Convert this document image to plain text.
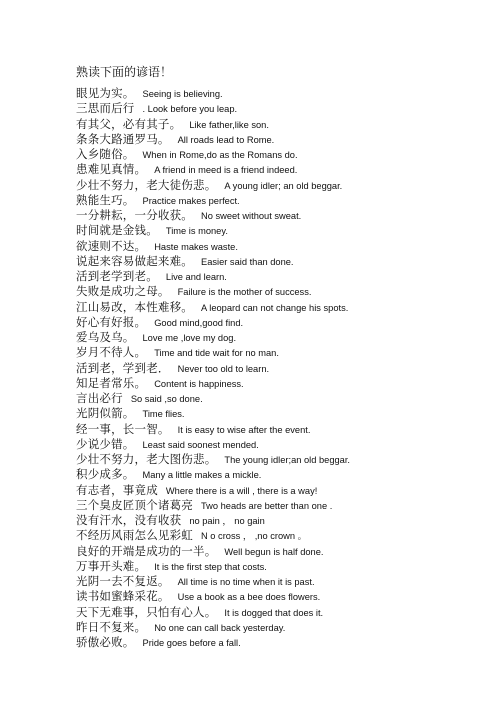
熟读下面的谚语！
眼见为实。 Seeing is believing.
三思而后行 . Look before you leap.
有其父，必有其子。 Like father,like son.
条条大路通罗马。 All roads lead to Rome.
入乡随俗。 When in Rome,do as the Romans do.
患难见真情。 A friend in meed is a friend indeed.
少壮不努力，老大徒伤悲。 A young idler; an old beggar.
熟能生巧。 Practice makes perfect.
一分耕耘，一分收获。 No sweet without sweat.
时间就是金钱。 Time is money.
欲速则不达。 Haste makes waste.
说起来容易做起来难。 Easier said than done.
活到老学到老。 Live and learn.
失败是成功之母。 Failure is the mother of success.
江山易改，本性难移。 A leopard can not change his spots.
好心有好报。 Good mind,good find.
爱乌及乌。 Love me ,love my dog.
岁月不待人。 Time and tide wait for no man.
活到老，学到老． Never too old to learn.
知足者常乐。 Content is happiness.
言出必行 So said ,so done.
光阴似箭。 Time flies.
经一事，长一智。 It is easy to wise after the event.
少说少错。 Least said soonest mended.
少壮不努力，老大图伤悲。 The young idler;an old beggar.
积少成多。 Many a little makes a mickle.
有志者，事竟成 Where there is a will , there is a way!
三个臭皮匠顶个诸葛亮 Two heads are better than one .
没有汗水，没有收获 no pain ， no gain
不经历风雨怎么见彩虹 N o cross ， ,no crown 。
良好的开端是成功的一半。 Well begun is half done.
万事开头难。 It is the first step that costs.
光阴一去不复返。 All time is no time when it is past.
读书如蜜蜂采花。 Use a book as a bee does flowers.
天下无难事，只怕有心人。 It is dogged that does it.
昨日不复来。 No one can call back yesterday.
骄傲必败。 Pride goes before a fall.
